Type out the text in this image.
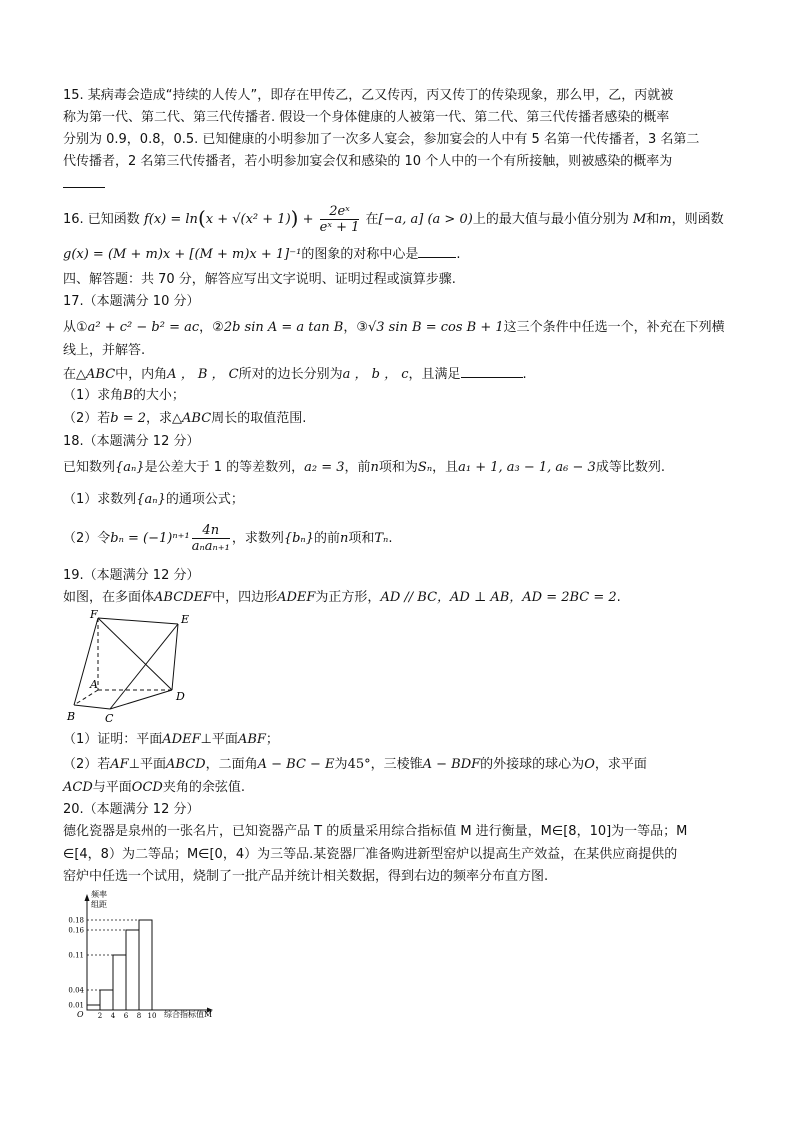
15. 某病毒会造成“持续的人传人”，即存在甲传乙，乙又传丙，丙又传丁的传染现象，那么甲，乙，丙就被
称为第一代、第二代、第三代传播者. 假设一个身体健康的人被第一代、第二代、第三代传播者感染的概率
分别为 0.9，0.8，0.5. 已知健康的小明参加了一次多人宴会，参加宴会的人中有 5 名第一代传播者，3 名第二
代传播者，2 名第三代传播者，若小明参加宴会仅和感染的 10 个人中的一个有所接触，则被感染的概率为
16. 已知函数 $f(x) = \ln(x + √(x^2 + 1)) + \frac{\text{2eˣ}}{\text{eˣ + 1}}$ 在[−a, a] (a > 0)上的最大值与最小值分别为 M和m，则函数
g(x) = (M + m)x + [(M + m)x + 1]⁻¹的图象的对称中心是	.
四、解答题：共 70 分，解答应写出文字说明、证明过程或演算步骤.
17.（本题满分 10 分）
从①a² + c² − b² = ac，②2b sin A = a tan B，③√3 sin B = cos B + 1这三个条件中任选一个，补充在下列横
线上，并解答.
在△ABC中，内角A ， B ， C所对的边长分别为a ， b ， c，且满足	.
（1）求角B的大小；
（2）若b = 2，求△ABC周长的取值范围.
18.（本题满分 12 分）
已知数列{aₙ}是公差大于 1 的等差数列，a₂ = 3，前n项和为Sₙ，且a₁ + 1, a₃ − 1, a₆ − 3成等比数列.
（1）求数列{aₙ}的通项公式；
（2）令$b_n = (-1)^{n+1} \frac{4n}{\text{aₙaₙ₊₁}}$ ，求数列{bₙ}的前n项和Tₙ.
19.（本题满分 12 分）
如图，在多面体ABCDEF中，四边形ADEF为正方形，AD // BC，AD ⊥ AB，AD = 2BC = 2.
F	E
A
D
B	C
（1）证明：平面ADEF⊥平面ABF；
（2）若AF⊥平面ABCD，二面角A − BC − E为45°，三棱锥A − BDF的外接球的球心为O，求平面
ACD与平面OCD夹角的余弦值.
20.（本题满分 12 分）
德化瓷器是泉州的一张名片，已知瓷器产品 T 的质量采用综合指标值 M 进行衡量，M∈[8，10]为一等品；M
∈[4，8）为二等品；M∈[0，4）为三等品.某瓷器厂准备购进新型窑炉以提高生产效益，在某供应商提供的
窑炉中任选一个试用，烧制了一批产品并统计相关数据，得到右边的频率分布直方图.
频率
组距
O	综合指标值M
0.01
2
0.04
4
0.11
6
0.16
8
0.18
10
